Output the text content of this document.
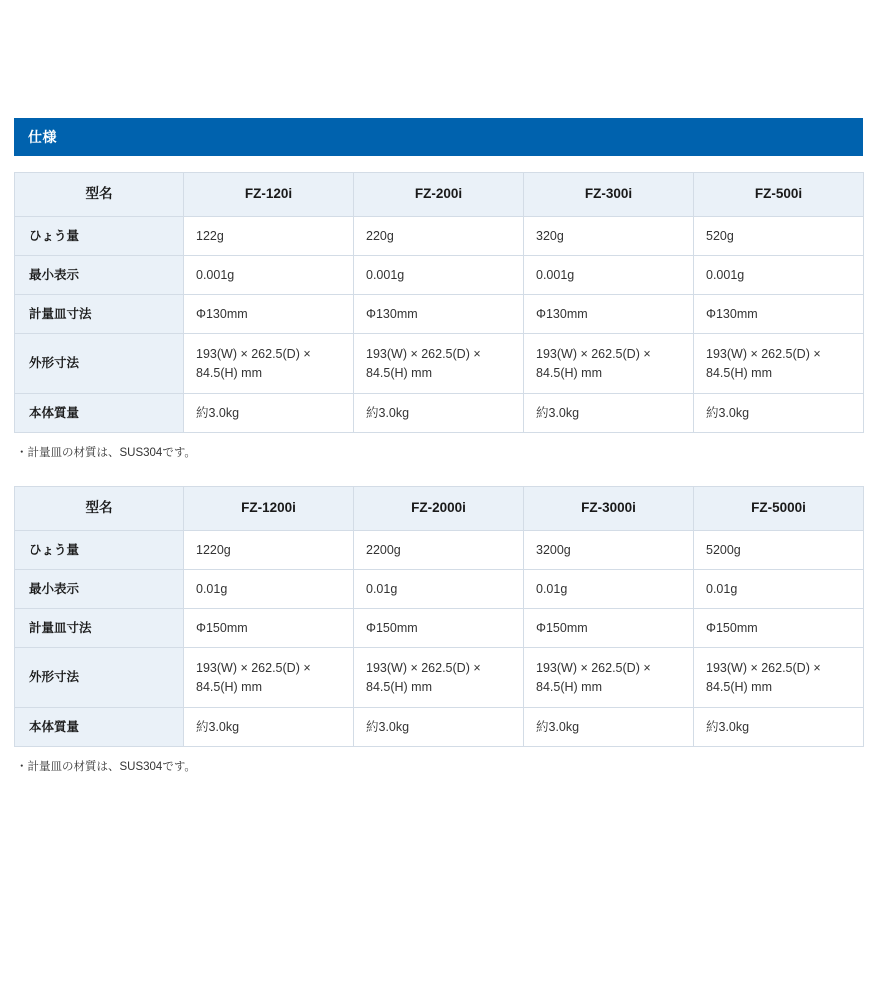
仕様
型名	FZ-120i	FZ-200i	FZ-300i	FZ-500i
ひょう量	122g	220g	320g	520g
最小表示	0.001g	0.001g	0.001g	0.001g
計量皿寸法	Φ130mm	Φ130mm	Φ130mm	Φ130mm
外形寸法	193(W) × 262.5(D) × 84.5(H) mm	193(W) × 262.5(D) × 84.5(H) mm	193(W) × 262.5(D) × 84.5(H) mm	193(W) × 262.5(D) × 84.5(H) mm
本体質量	約3.0kg	約3.0kg	約3.0kg	約3.0kg
・計量皿の材質は、SUS304です。
型名	FZ-1200i	FZ-2000i	FZ-3000i	FZ-5000i
ひょう量	1220g	2200g	3200g	5200g
最小表示	0.01g	0.01g	0.01g	0.01g
計量皿寸法	Φ150mm	Φ150mm	Φ150mm	Φ150mm
外形寸法	193(W) × 262.5(D) × 84.5(H) mm	193(W) × 262.5(D) × 84.5(H) mm	193(W) × 262.5(D) × 84.5(H) mm	193(W) × 262.5(D) × 84.5(H) mm
本体質量	約3.0kg	約3.0kg	約3.0kg	約3.0kg
・計量皿の材質は、SUS304です。
